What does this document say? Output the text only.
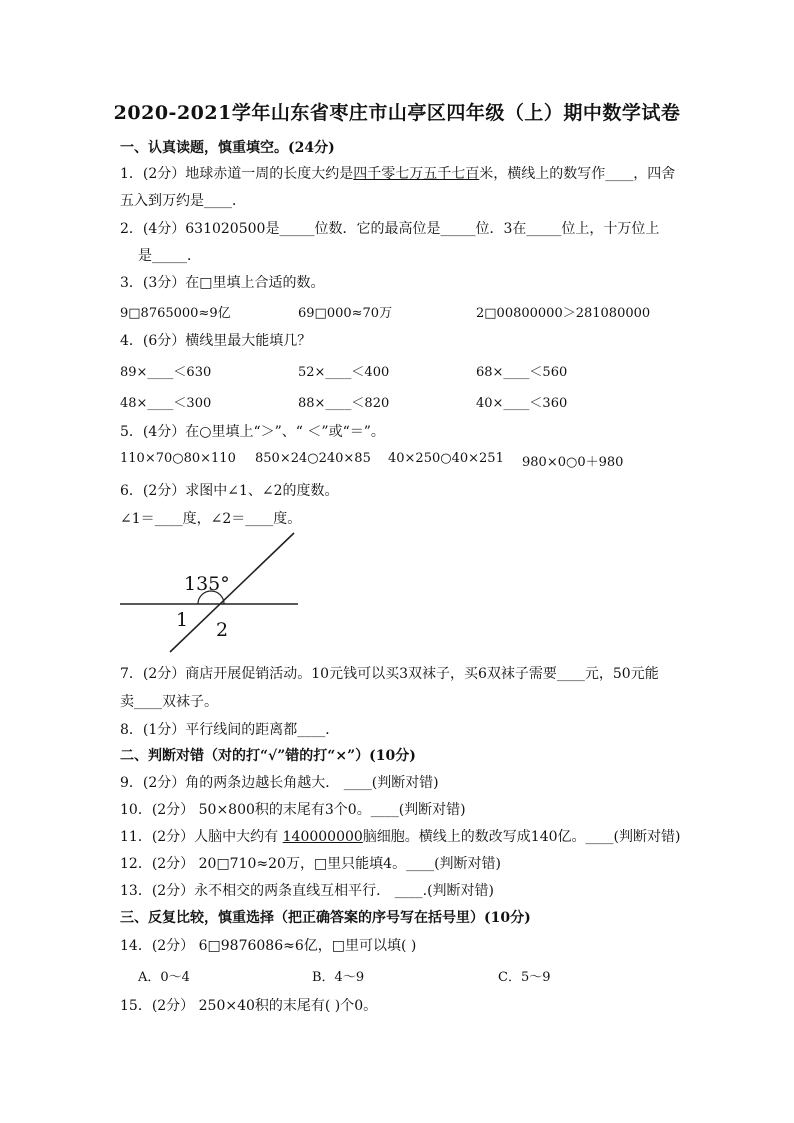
2020-2021学年山东省枣庄市山亭区四年级（上）期中数学试卷
一、认真读题，慎重填空。(24分)
1．(2分）地球赤道一周的长度大约是四千零七万五千七百米，横线上的数写作____，四舍
五入到万约是____．
2．(4分）631020500是_____位数．它的最高位是_____位．3在_____位上，十万位上
是_____．
3．(3分）在□里填上合适的数。
9□8765000≈9亿	69□000≈70万	2□00800000＞281080000
4．(6分）横线里最大能填几？
89×____＜630	52×____＜400	68×____＜560
48×____＜300	88×____＜820	40×____＜360
5．(4分）在○里填上“＞”、“ ＜”或“＝”。
110×70○80×110 850×24○240×85 40×250○40×251 980×0○0＋980
6．(2分）求图中∠1、∠2的度数。
∠1＝____度，∠2＝____度。
135°
1 2
7．(2分）商店开展促销活动。10元钱可以买3双袜子，买6双袜子需要____元，50元能
卖____双袜子。
8．(1分）平行线间的距离都____．
二、判断对错（对的打“√”错的打“×”）(10分)
9．(2分）角的两条边越长角越大． ____(判断对错)
10．(2分） 50×800积的末尾有3个0。____(判断对错)
11．(2分）人脑中大约有 140000000脑细胞。横线上的数改写成140亿。____(判断对错)
12．(2分） 20□710≈20万，□里只能填4。____(判断对错)
13．(2分）永不相交的两条直线互相平行． ____.(判断对错)
三、反复比较，慎重选择（把正确答案的序号写在括号里）(10分)
14．(2分） 6□9876086≈6亿，□里可以填( )
A．0～4	B．4～9	C．5～9
15．(2分） 250×40积的末尾有( )个0。
